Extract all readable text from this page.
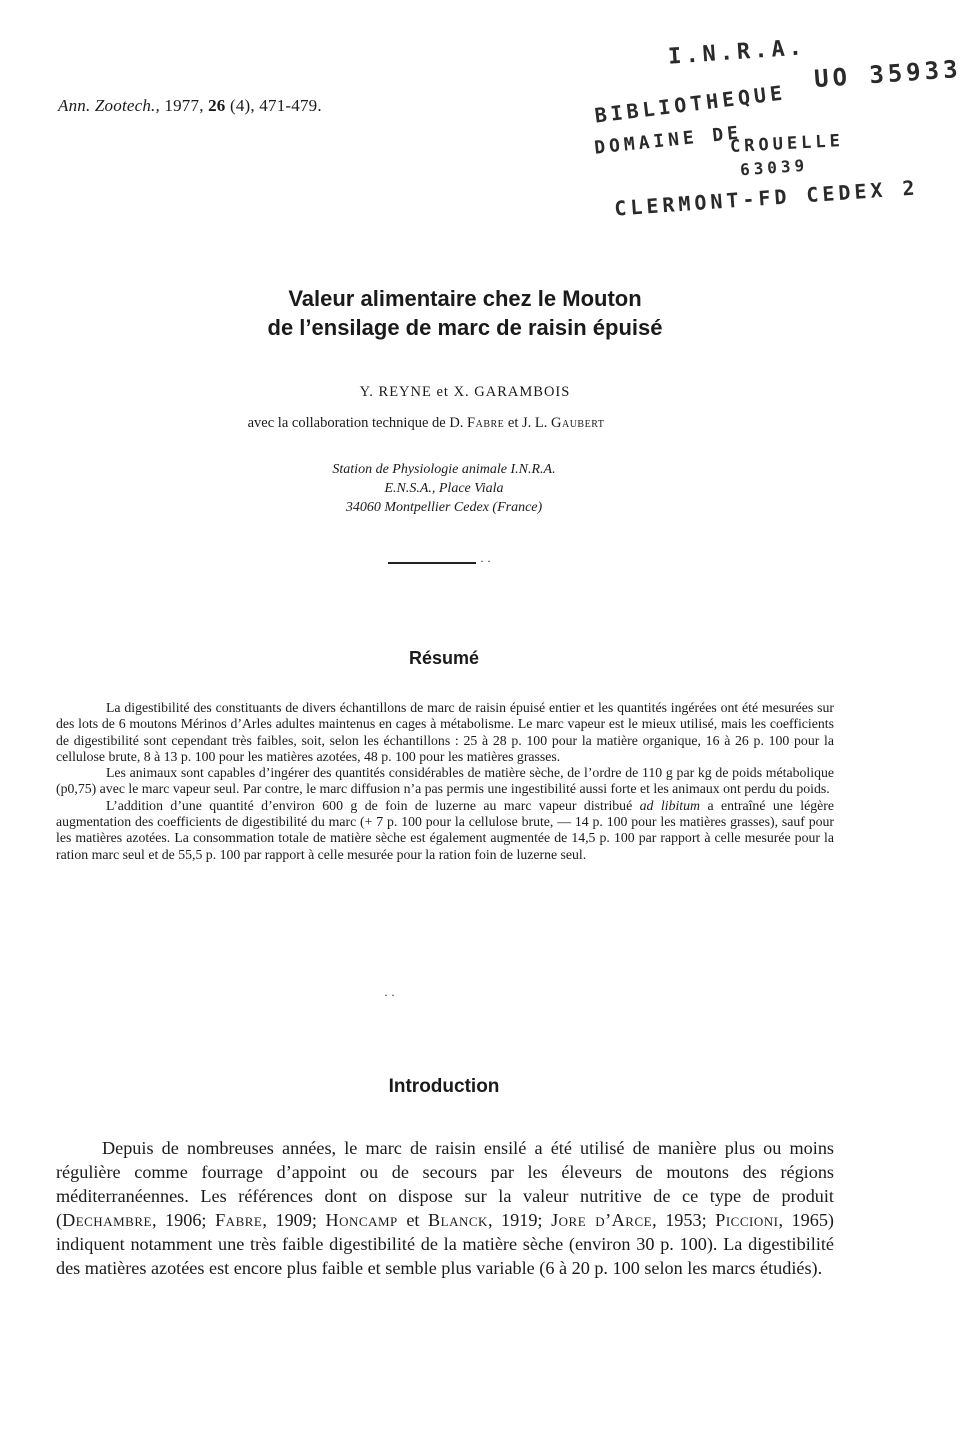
Ann. Zootech., 1977, 26 (4), 471-479.
I.N.R.A.
BIBLIOTHEQUE
UO 35933
DOMAINE DE
CROUELLE
63039
CLERMONT-FD CEDEX 2
Valeur alimentaire chez le Mouton
de l’ensilage de marc de raisin épuisé
Y. REYNE et X. GARAMBOIS
avec la collaboration technique de D. Fabre et J. L. Gaubert
Station de Physiologie animale I.N.R.A.
E.N.S.A., Place Viala
34060 Montpellier Cedex (France)
··
Résumé

La digestibilité des constituants de divers échantillons de marc de raisin épuisé entier et les quantités ingérées ont été mesurées sur des lots de 6 moutons Mérinos d’Arles adultes maintenus en cages à métabolisme. Le marc vapeur est le mieux utilisé, mais les coefficients de digestibilité sont cependant très faibles, soit, selon les échantillons : 25 à 28 p. 100 pour la matière organique, 16 à 26 p. 100 pour la cellulose brute, 8 à 13 p. 100 pour les matières azotées, 48 p. 100 pour les matières grasses.

Les animaux sont capables d’ingérer des quantités considérables de matière sèche, de l’ordre de 110 g par kg de poids métabolique (p0,75) avec le marc vapeur seul. Par contre, le marc diffusion n’a pas permis une ingestibilité aussi forte et les animaux ont perdu du poids.

L’addition d’une quantité d’environ 600 g de foin de luzerne au marc vapeur distribué ad libitum a entraîné une légère augmentation des coefficients de digestibilité du marc (+ 7 p. 100 pour la cellulose brute, — 14 p. 100 pour les matières grasses), sauf pour les matières azotées. La consommation totale de matière sèche est également augmentée de 14,5 p. 100 par rapport à celle mesurée pour la ration marc seul et de 55,5 p. 100 par rapport à celle mesurée pour la ration foin de luzerne seul.

··
Introduction

Depuis de nombreuses années, le marc de raisin ensilé a été utilisé de manière plus ou moins régulière comme fourrage d’appoint ou de secours par les éleveurs de moutons des régions méditerranéennes. Les références dont on dispose sur la valeur nutritive de ce type de produit (Dechambre, 1906; Fabre, 1909; Honcamp et Blanck, 1919; Jore d’Arce, 1953; Piccioni, 1965) indiquent notamment une très faible digestibilité de la matière sèche (environ 30 p. 100). La digestibilité des matières azotées est encore plus faible et semble plus variable (6 à 20 p. 100 selon les marcs étudiés).
